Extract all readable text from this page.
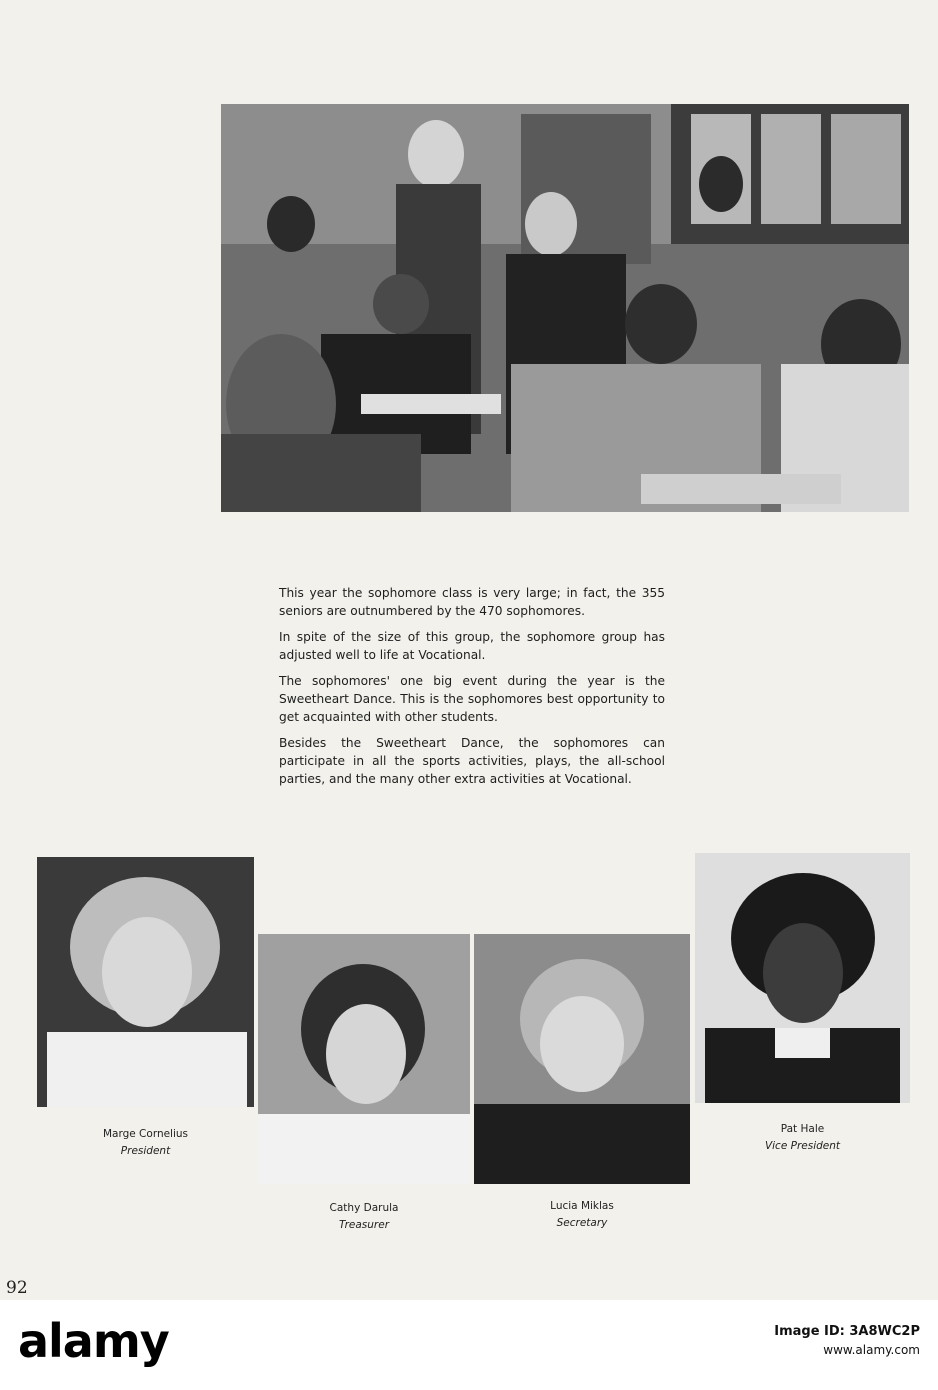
This year the sophomore class is very large; in fact, the 355 seniors are outnumbered by the 470 sophomores.

In spite of the size of this group, the sophomore group has adjusted well to life at Vocational.

The sophomores' one big event during the year is the Sweetheart Dance. This is the sophomores best opportunity to get acquainted with other students.

Besides the Sweetheart Dance, the sophomores can participate in all the sports activities, plays, the all-school parties, and the many other extra activities at Vocational.

Marge Cornelius
President
Cathy Darula
Treasurer
Lucia Miklas
Secretary
Pat Hale
Vice President
92
alamy	Image ID: 3A8WC2P
www.alamy.com
